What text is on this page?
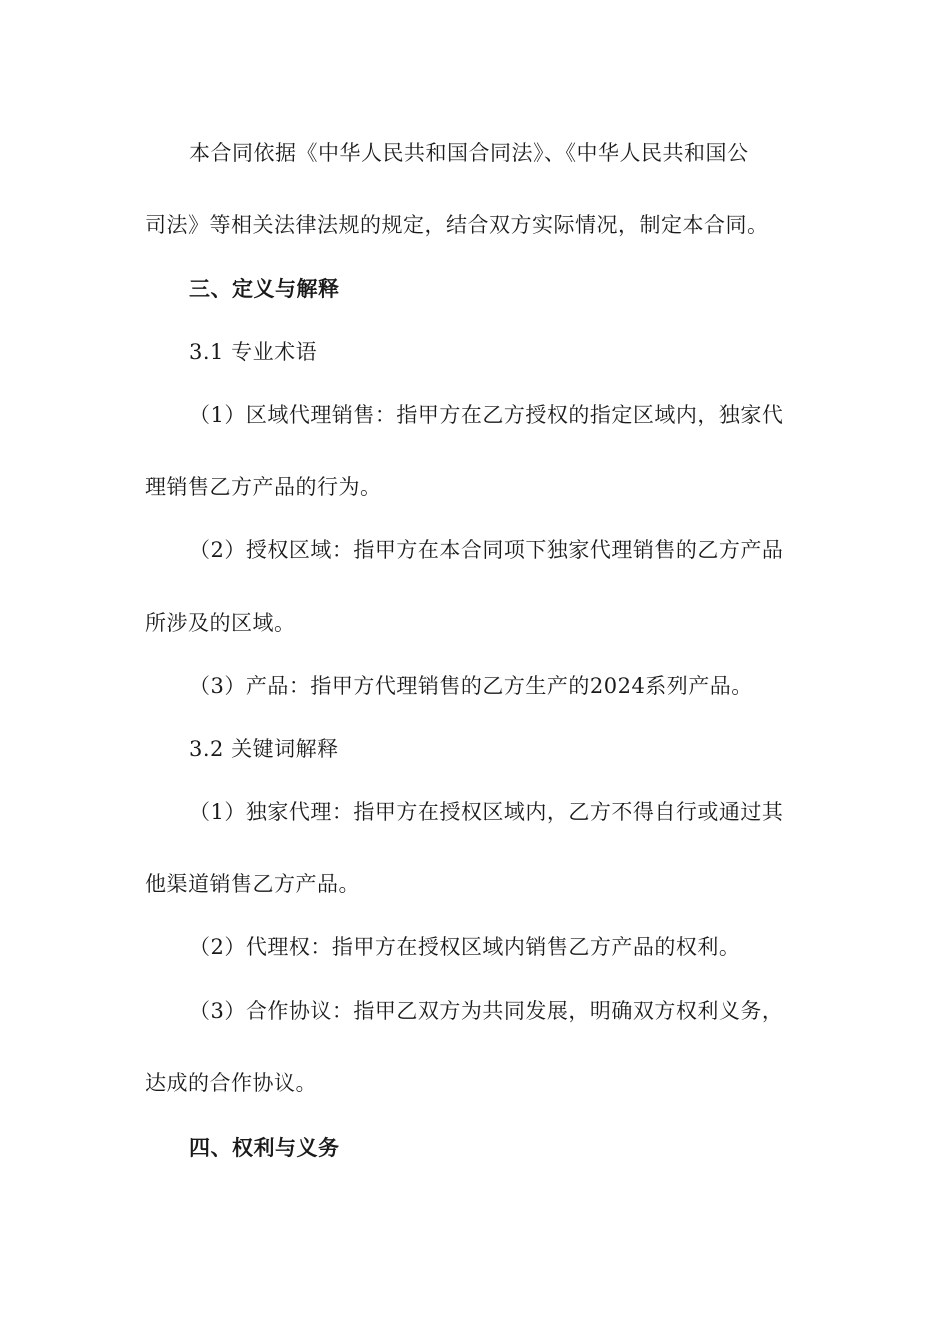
本合同依据《中华人民共和国合同法》、《中华人民共和国公
司法》等相关法律法规的规定，结合双方实际情况，制定本合同。
三、定义与解释
3.1 专业术语
（1）区域代理销售：指甲方在乙方授权的指定区域内，独家代
理销售乙方产品的行为。
（2）授权区域：指甲方在本合同项下独家代理销售的乙方产品
所涉及的区域。
（3）产品：指甲方代理销售的乙方生产的2024系列产品。
3.2 关键词解释
（1）独家代理：指甲方在授权区域内，乙方不得自行或通过其
他渠道销售乙方产品。
（2）代理权：指甲方在授权区域内销售乙方产品的权利。
（3）合作协议：指甲乙双方为共同发展，明确双方权利义务，
达成的合作协议。
四、权利与义务
